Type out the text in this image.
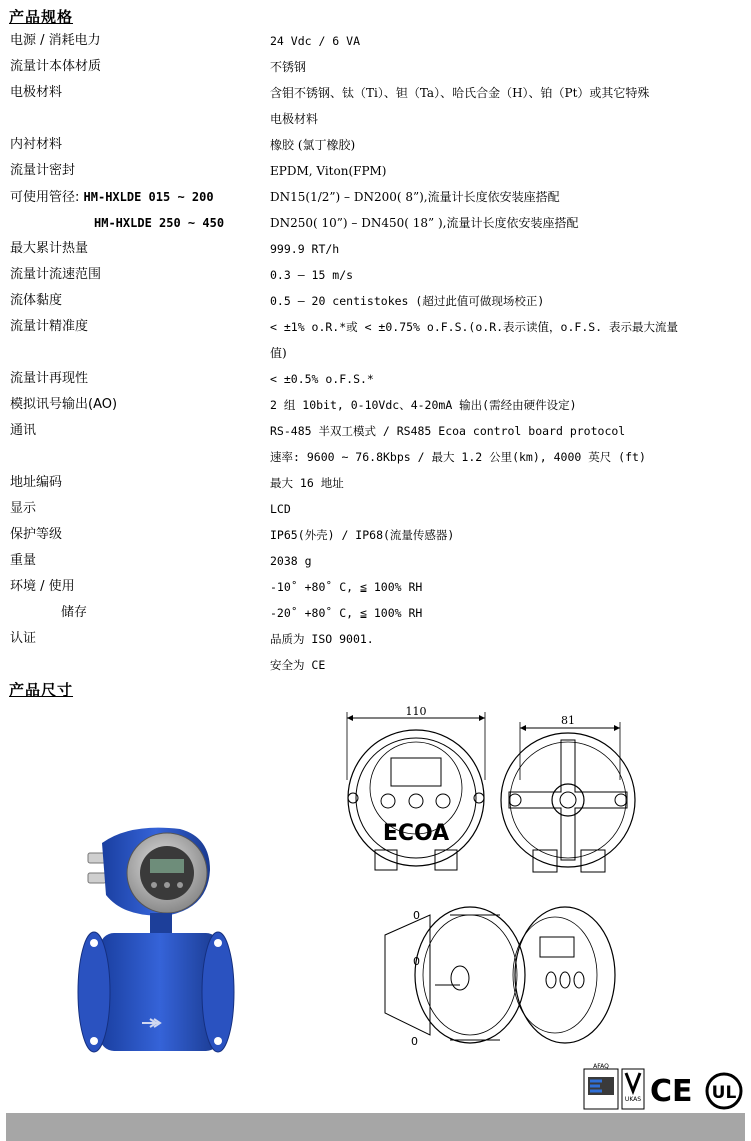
产品规格
电源 / 消耗电力	24 Vdc / 6 VA
流量计本体材质	不锈钢
电极材料	含钼不锈钢、钛（Ti）、钽（Ta）、哈氏合金（H）、铂（Pt）或其它特殊
电极材料
内衬材料	橡胶 (氯丁橡胶)
流量计密封	EPDM, Viton(FPM)
可使用管径: HM-HXLDE 015 ~ 200	DN15(1/2”) – DN200( 8”),流量计长度依安装座搭配
HM-HXLDE 250 ~ 450	DN250( 10”) – DN450( 18” ),流量计长度依安装座搭配
最大累计热量	999.9 RT/h
流量计流速范围	0.3 – 15 m/s
流体黏度	0.5 – 20 centistokes (超过此值可做现场校正)
流量计精准度	< ±1% o.R.*或 < ±0.75% o.F.S.(o.R.表示读值，o.F.S. 表示最大流量
值)
流量计再现性	< ±0.5% o.F.S.*
模拟讯号输出(AO)	2 组 10bit, 0-10Vdc、4-20mA 输出(需经由硬件设定)
通讯	RS-485 半双工模式 / RS485 Ecoa control board protocol
速率: 9600 ~ 76.8Kbps / 最大 1.2 公里(km), 4000 英尺 (ft)
地址编码	最大 16 地址
显示	LCD
保护等级	IP65(外壳) / IP68(流量传感器)
重量	2038 g
环境 / 使用	-10˚ +80˚ C, ≦ 100% RH
储存	-20˚ +80˚ C, ≦ 100% RH
认证	品质为 ISO 9001.
安全为 CE
产品尺寸
110
ECOA
81
0
0
0
AFAQ
UKAS CE UL
